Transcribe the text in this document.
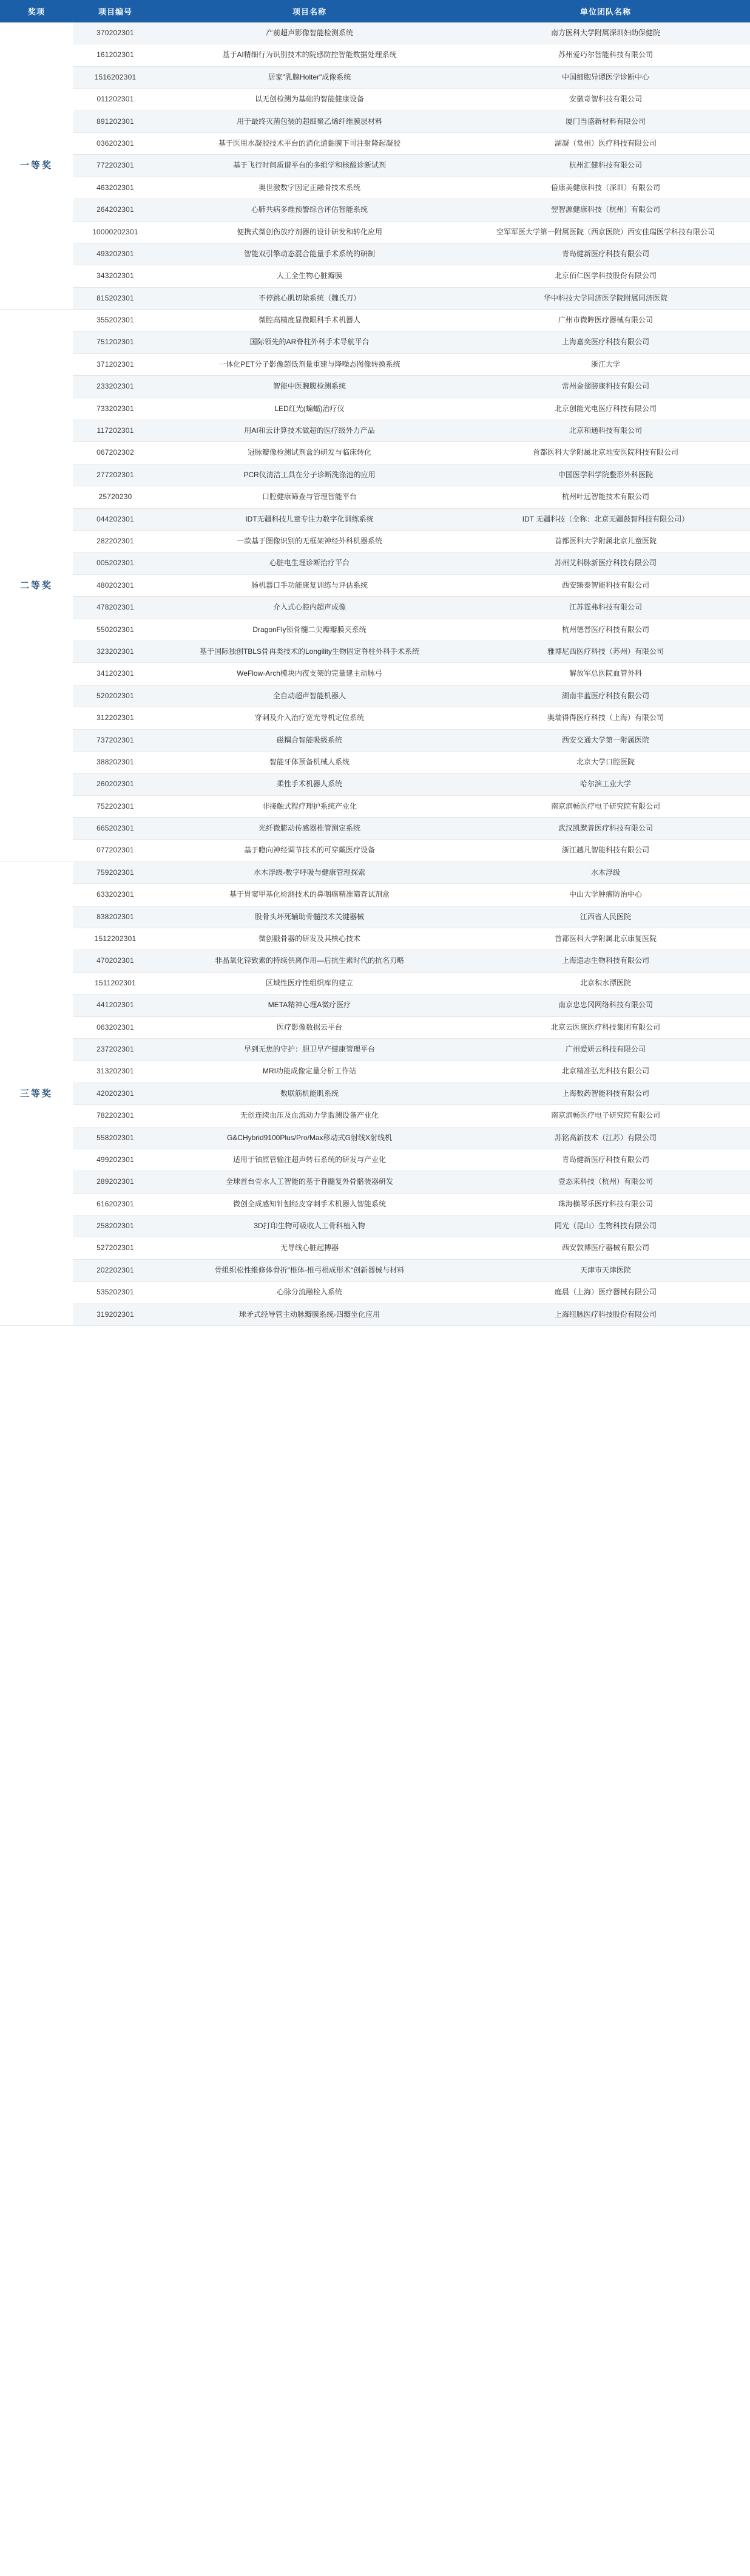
奖项	项目编号	项目名称	单位团队名称
一等奖	370202301	产前超声影像智能检测系统	南方医科大学附属深圳妇幼保健院
	161202301	基于AI精细行为识别技术的院感防控智能数据处理系统	苏州爱巧尔智能科技有限公司
	1516202301	居家"乳腺Holter"成像系统	中国细胞异谭医学诊断中心
	011202301	以无创检测为基础的智能健康设备	安徽奇智科技有限公司
	891202301	用于最终灭菌包装的超细聚乙烯纤维膜层材料	厦门当盛新材料有限公司
	036202301	基于医用水凝胶技术平台的消化道黏膜下可注射隆起凝胶	湖凝（常州）医疗科技有限公司
	772202301	基于飞行时间质谱平台的多组学和核酸诊断试剂	杭州汇健科技有限公司
	463202301	奥世激数字因定正融骨技术系统	倍康美健康科技（深圳）有限公司
	264202301	心肺共病多维预警综合评估智能系统	翌智源健康科技（杭州）有限公司
	10000202301	便携式微创伤放疗剂器的设计研发和转化应用	空军军医大学第一附属医院（西京医院）西安佳瑞医学科技有限公司
	493202301	智能双引擎动态混合能量手术系统的研制	青岛健新医疗科技有限公司
	343202301	人工全生物心脏瓣膜	北京佰仁医学科技股份有限公司
	815202301	不停跳心肌切除系统（魏氏刀）	华中科技大学同济医学院附属同济医院
二等奖	355202301	微腔高精度显微眼科手术机器人	广州市微眸医疗器械有限公司
	751202301	国际领先的AR脊柱外科手术导航平台	上海嘉奕医疗科技有限公司
	371202301	一体化PET分子影像超低剂量重建与降噪态图像转换系统	浙江大学
	233202301	智能中医腕腹检测系统	常州金翅膀康科技有限公司
	733202301	LED红光(蝙蝠)治疗仪	北京创能光电医疗科技有限公司
	117202301	用AI和云计算技术做超的医疗级外力产品	北京和通科技有限公司
	067202302	冠脉瓣像检测试剂盒的研发与临床转化	首都医科大学附属北京地安医院科技有限公司
	277202301	PCR仪清洁工具在分子诊断洗涤池的应用	中国医学科学院整形外科医院
	25720230	口腔健康筛查与管理智能平台	杭州叶远智能技术有限公司
	044202301	IDT无疆科技儿童专注力数字化训练系统	IDT 无疆科技（全称：北京无疆鼓智科技有限公司）
	282202301	一款基于图像识别的无框架神经外科机器系统	首都医科大学附属北京儿童医院
	005202301	心脏电生理诊断治疗平台	苏州艾科脉新医疗科技有限公司
	480202301	肠机器口手功能康复训练与评估系统	西安臻泰智能科技有限公司
	478202301	介入式心腔内超声成像	江苏霆弗科技有限公司
	550202301	DragonFly锁骨髓二尖瓣瓣膜夹系统	杭州德晋医疗科技有限公司
	323202301	基于国际独创TBLS骨再类技术的Longility生物固定脊柱外科手术系统	雅博尼西医疗科技（苏州）有限公司
	341202301	WeFlow-Arch模块内夜支架的完量建主动脉弓	解放军总医院血管外科
	520202301	全自动超声智能机器人	湖南非蓝医疗科技有限公司
	312202301	穿刺及介入治疗宽光导机定位系统	奥瑞得得医疗科技（上海）有限公司
	737202301	磁耦合智能吸级系统	西安交通大学第一附属医院
	388202301	智能牙体预备机械人系统	北京大学口腔医院
	260202301	柔性手术机器人系统	哈尔滨工业大学
	752202301	非接触式程疗理护系统产业化	南京润畅医疗电子研究院有限公司
	665202301	光纤微膨动传感器椎管测定系统	武汉凯默普医疗科技有限公司
	077202301	基于瞪向神经调节技术的可穿戴医疗设备	浙江越凡智能科技有限公司
三等奖	759202301	水木浮级-数字呼吸与健康管理探索	水木浮级
	633202301	基于胃窦甲基化检测技术的鼻咽癌精准筛查试剂盒	中山大学肿瘤防治中心
	838202301	股骨头坏死辅助骨髓技术关键器械	江西省人民医院
	1512202301	微创戳骨器的研发及其核心技术	首都医科大学附属北京康复医院
	470202301	非晶氧化锌致素的持续供离作用—后抗生素时代的抗名刃略	上海遗志生物科技有限公司
	1511202301	区域性医疗性组织库的建立	北京积水潭医院
	441202301	META精神心理A微疗医疗	南京忠忠冈网络科技有限公司
	063202301	医疗影像数据云平台	北京云医康医疗科技集团有限公司
	237202301	早到无焦的守护：胆卫早产健康管理平台	广州爱妍云科技有限公司
	313202301	MRI功能成像定量分析工作站	北京精准弘光科技有限公司
	420202301	数联筋机能肌系统	上海数药智能科技有限公司
	782202301	无创连续血压及血流动力学监测设备产业化	南京润畅医疗电子研究院有限公司
	558202301	G&CHybrid9100Plus/Pro/Max移动式G射线X射线机	苏铭高新技术（江苏）有限公司
	499202301	适用于铀原管输注超声转石系统的研发与产业化	青岛健新医疗科技有限公司
	289202301	全球首台骨水人工智能的基于脊髓复外骨骼装器研发	壹态来科技（杭州）有限公司
	616202301	微创全成感知针刨经皮穿刺手术机器人智能系统	珠海横琴乐医疗科技有限公司
	258202301	3D打印生物可吸收人工骨科植入物	同光（昆山）生物科技有限公司
	527202301	无导线心脏起搏器	西安敦博医疗器械有限公司
	202202301	骨组织松性维修体骨折"椎体-椎弓根成形术"创新器械与材料	天津市天津医院
	535202301	心脉分流融栓入系统	庭晨（上海）医疗器械有限公司
	319202301	球矛式经导管主动脉瓣膜系统-四瓣坐化应用	上海纽脉医疗科技股份有限公司
